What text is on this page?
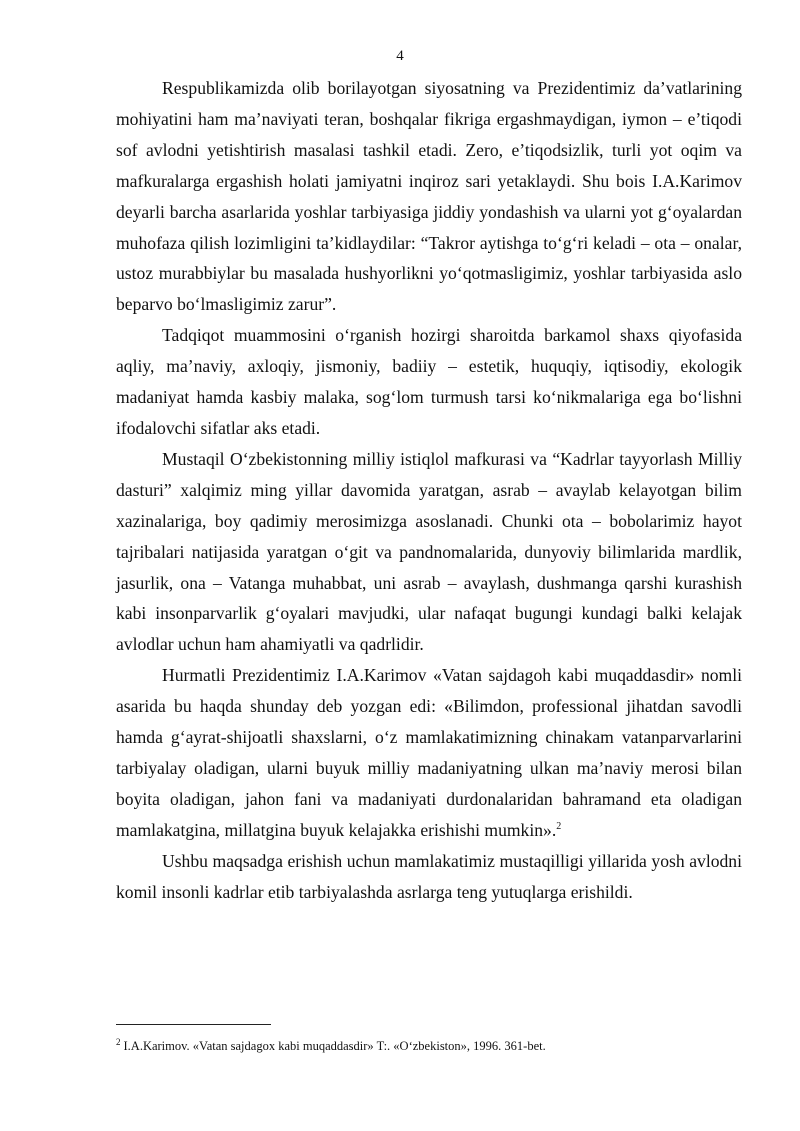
4

Respublikamizda olib borilayotgan siyosatning va Prezidentimiz da’vatlarining mohiyatini ham ma’naviyati teran, boshqalar fikriga ergashmaydigan, iymon – e’tiqodi sof avlodni yetishtirish masalasi tashkil etadi. Zero, e’tiqodsizlik, turli yot oqim va mafkuralarga ergashish holati jamiyatni inqiroz sari yetaklaydi. Shu bois I.A.Karimov deyarli barcha asarlarida yoshlar tarbiyasiga jiddiy yondashish va ularni yot g‘oyalardan muhofaza qilish lozimligini ta’kidlaydilar: “Takror aytishga to‘g‘ri keladi – ota – onalar, ustoz murabbiylar bu masalada hushyorlikni yo‘qotmasligimiz, yoshlar tarbiyasida aslo beparvo bo‘lmasligimiz zarur”.

Tadqiqot muammosini o‘rganish hozirgi sharoitda barkamol shaxs qiyofasida aqliy, ma’naviy, axloqiy, jismoniy, badiiy – estetik, huquqiy, iqtisodiy, ekologik madaniyat hamda kasbiy malaka, sog‘lom turmush tarsi ko‘nikmalariga ega bo‘lishni ifodalovchi sifatlar aks etadi.

Mustaqil O‘zbekistonning milliy istiqlol mafkurasi va “Kadrlar tayyorlash Milliy dasturi” xalqimiz ming yillar davomida yaratgan, asrab – avaylab kelayotgan bilim xazinalariga, boy qadimiy merosimizga asoslanadi. Chunki ota – bobolarimiz hayot tajribalari natijasida yaratgan o‘git va pandnomalarida, dunyoviy bilimlarida mardlik, jasurlik, ona – Vatanga muhabbat, uni asrab – avaylash, dushmanga qarshi kurashish kabi insonparvarlik g‘oyalari mavjudki, ular nafaqat bugungi kundagi balki kelajak avlodlar uchun ham ahamiyatli va qadrlidir.

Hurmatli Prezidentimiz I.A.Karimov «Vatan sajdagoh kabi muqaddasdir» nomli asarida bu haqda shunday deb yozgan edi: «Bilimdon, professional jihatdan savodli hamda g‘ayrat-shijoatli shaxslarni, o‘z mamlakatimizning chinakam vatanparvarlarini tarbiyalay oladigan, ularni buyuk milliy madaniyatning ulkan ma’naviy merosi bilan boyita oladigan, jahon fani va madaniyati durdonalaridan bahramand eta oladigan mamlakatgina, millatgina buyuk kelajakka erishishi mumkin».$^2$

Ushbu maqsadga erishish uchun mamlakatimiz mustaqilligi yillarida yosh avlodni komil insonli kadrlar etib tarbiyalashda asrlarga teng yutuqlarga erishildi.

$^2$ I.A.Karimov. «Vatan sajdagox kabi muqaddasdir» T:. «O‘zbekiston», 1996. 361-bet.
